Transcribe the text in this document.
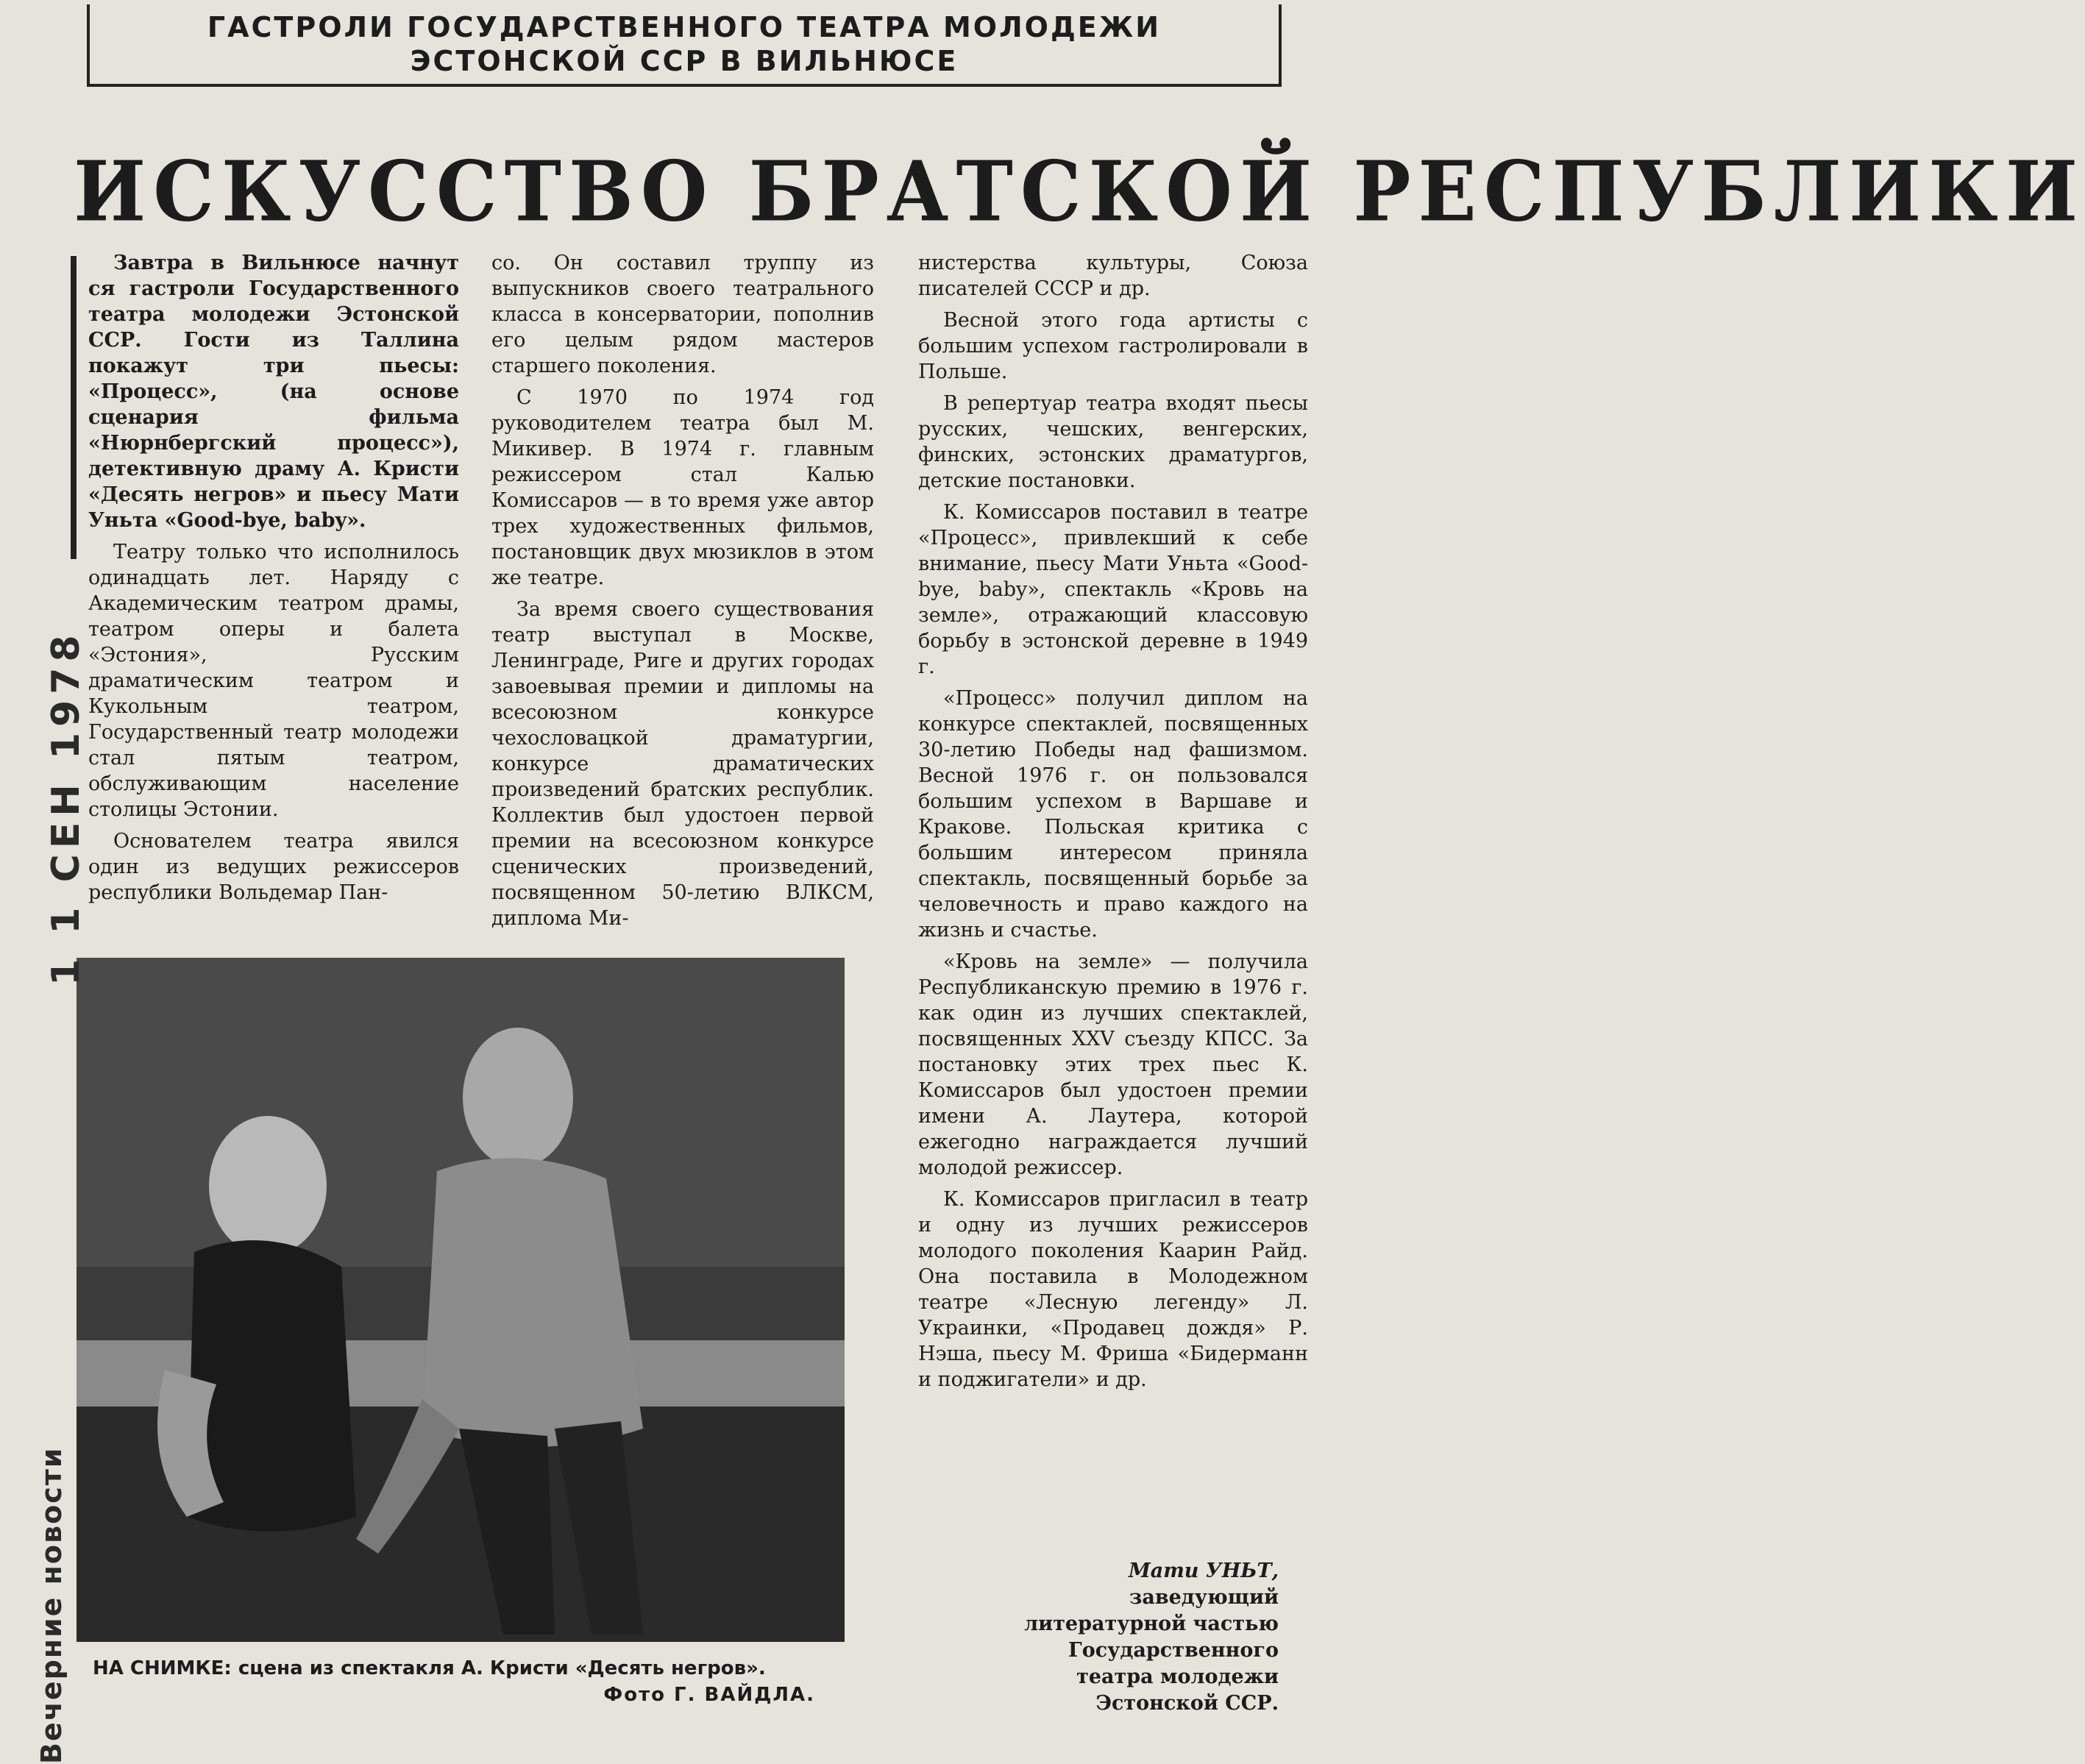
ГАСТРОЛИ ГОСУДАРСТВЕННОГО ТЕАТРА МОЛОДЕЖИ
ЭСТОНСКОЙ ССР В ВИЛЬНЮСЕ
ИСКУССТВО БРАТСКОЙ РЕСПУБЛИКИ

Завтра в Вильнюсе начнут ся гастроли Государственного театра молодежи Эстонской ССР. Гости из Таллина покажут три пьесы: «Процесс», (на основе сценария фильма «Нюрнбергский процесс»), детективную драму А. Кристи «Десять негров» и пьесу Мати Уньта «Good-bye, baby».

Театру только что исполнилось одинадцать лет. Наряду с Академическим театром драмы, театром оперы и балета «Эстония», Русским драматическим театром и Кукольным театром, Государственный театр молодежи стал пятым театром, обслуживающим население столицы Эстонии.

Основателем театра явился один из ведущих режиссеров республики Вольдемар Пан-

со. Он составил труппу из выпускников своего театрального класса в консерватории, пополнив его целым рядом мастеров старшего поколения.

С 1970 по 1974 год руководителем театра был М. Микивер. В 1974 г. главным режиссером стал Калью Комиссаров — в то время уже автор трех художественных фильмов, постановщик двух мюзиклов в этом же театре.

За время своего существования театр выступал в Москве, Ленинграде, Риге и других городах завоевывая премии и дипломы на всесоюзном конкурсе чехословацкой драматургии, конкурсе драматических произведений братских республик. Коллектив был удостоен первой премии на всесоюзном конкурсе сценических произведений, посвященном 50-летию ВЛКСМ, диплома Ми-

нистерства культуры, Союза писателей СССР и др.

Весной этого года артисты с большим успехом гастролировали в Польше.

В репертуар театра входят пьесы русских, чешских, венгерских, финских, эстонских драматургов, детские постановки.

К. Комиссаров поставил в театре «Процесс», привлекший к себе внимание, пьесу Мати Уньта «Good-bye, baby», спектакль «Кровь на земле», отражающий классовую борьбу в эстонской деревне в 1949 г.

«Процесс» получил диплом на конкурсе спектаклей, посвященных 30-летию Победы над фашизмом. Весной 1976 г. он пользовался большим успехом в Варшаве и Кракове. Польская критика с большим интересом приняла спектакль, посвященный борьбе за человечность и право каждого на жизнь и счастье.

«Кровь на земле» — получила Республиканскую премию в 1976 г. как один из лучших спектаклей, посвященных XXV съезду КПСС. За постановку этих трех пьес К. Комиссаров был удостоен премии имени А. Лаутера, которой ежегодно награждается лучший молодой режиссер.

К. Комиссаров пригласил в театр и одну из лучших режиссеров молодого поколения Каарин Райд. Она поставила в Молодежном театре «Лесную легенду» Л. Украинки, «Продавец дождя» Р. Нэша, пьесу М. Фриша «Бидерманн и поджигатели» и др.

НА СНИМКЕ: сцена из спектакля А. Кристи «Десять негров».
Фото Г. ВАЙДЛА.
Мати УНЬТ,
заведующий
литературной частью
Государственного
театра молодежи
Эстонской ССР.
1 1 СЕН 1978
Вечерние новости
